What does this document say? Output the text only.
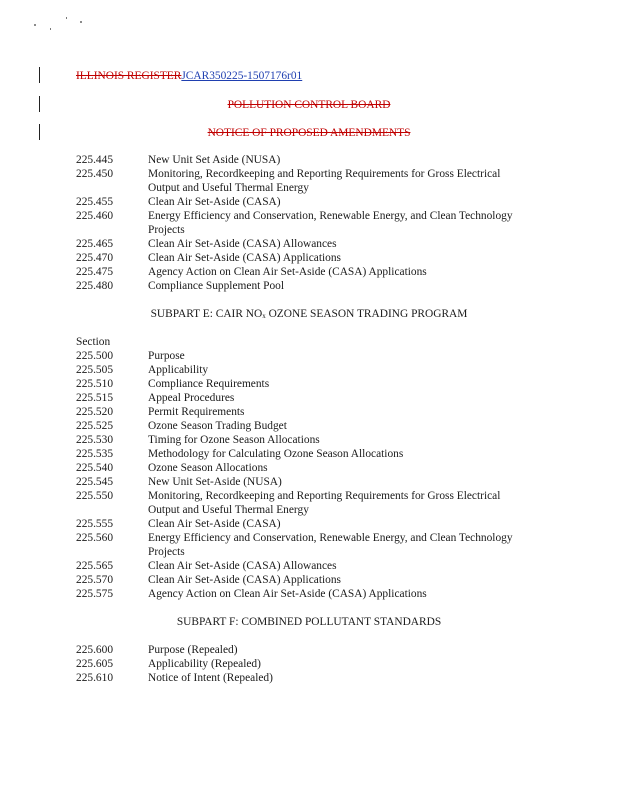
ILLINOIS REGISTERJCAR350225-1507176r01
POLLUTION CONTROL BOARD
NOTICE OF PROPOSED AMENDMENTS
225.445	New Unit Set Aside (NUSA)
225.450	Monitoring, Recordkeeping and Reporting Requirements for Gross Electrical
Output and Useful Thermal Energy
225.455	Clean Air Set-Aside (CASA)
225.460	Energy Efficiency and Conservation, Renewable Energy, and Clean Technology
Projects
225.465	Clean Air Set-Aside (CASA) Allowances
225.470	Clean Air Set-Aside (CASA) Applications
225.475	Agency Action on Clean Air Set-Aside (CASA) Applications
225.480	Compliance Supplement Pool
SUBPART E: CAIR $NO_x$ OZONE SEASON TRADING PROGRAM
Section
225.500	Purpose
225.505	Applicability
225.510	Compliance Requirements
225.515	Appeal Procedures
225.520	Permit Requirements
225.525	Ozone Season Trading Budget
225.530	Timing for Ozone Season Allocations
225.535	Methodology for Calculating Ozone Season Allocations
225.540	Ozone Season Allocations
225.545	New Unit Set-Aside (NUSA)
225.550	Monitoring, Recordkeeping and Reporting Requirements for Gross Electrical
Output and Useful Thermal Energy
225.555	Clean Air Set-Aside (CASA)
225.560	Energy Efficiency and Conservation, Renewable Energy, and Clean Technology
Projects
225.565	Clean Air Set-Aside (CASA) Allowances
225.570	Clean Air Set-Aside (CASA) Applications
225.575	Agency Action on Clean Air Set-Aside (CASA) Applications
SUBPART F: COMBINED POLLUTANT STANDARDS
225.600	Purpose (Repealed)
225.605	Applicability (Repealed)
225.610	Notice of Intent (Repealed)
